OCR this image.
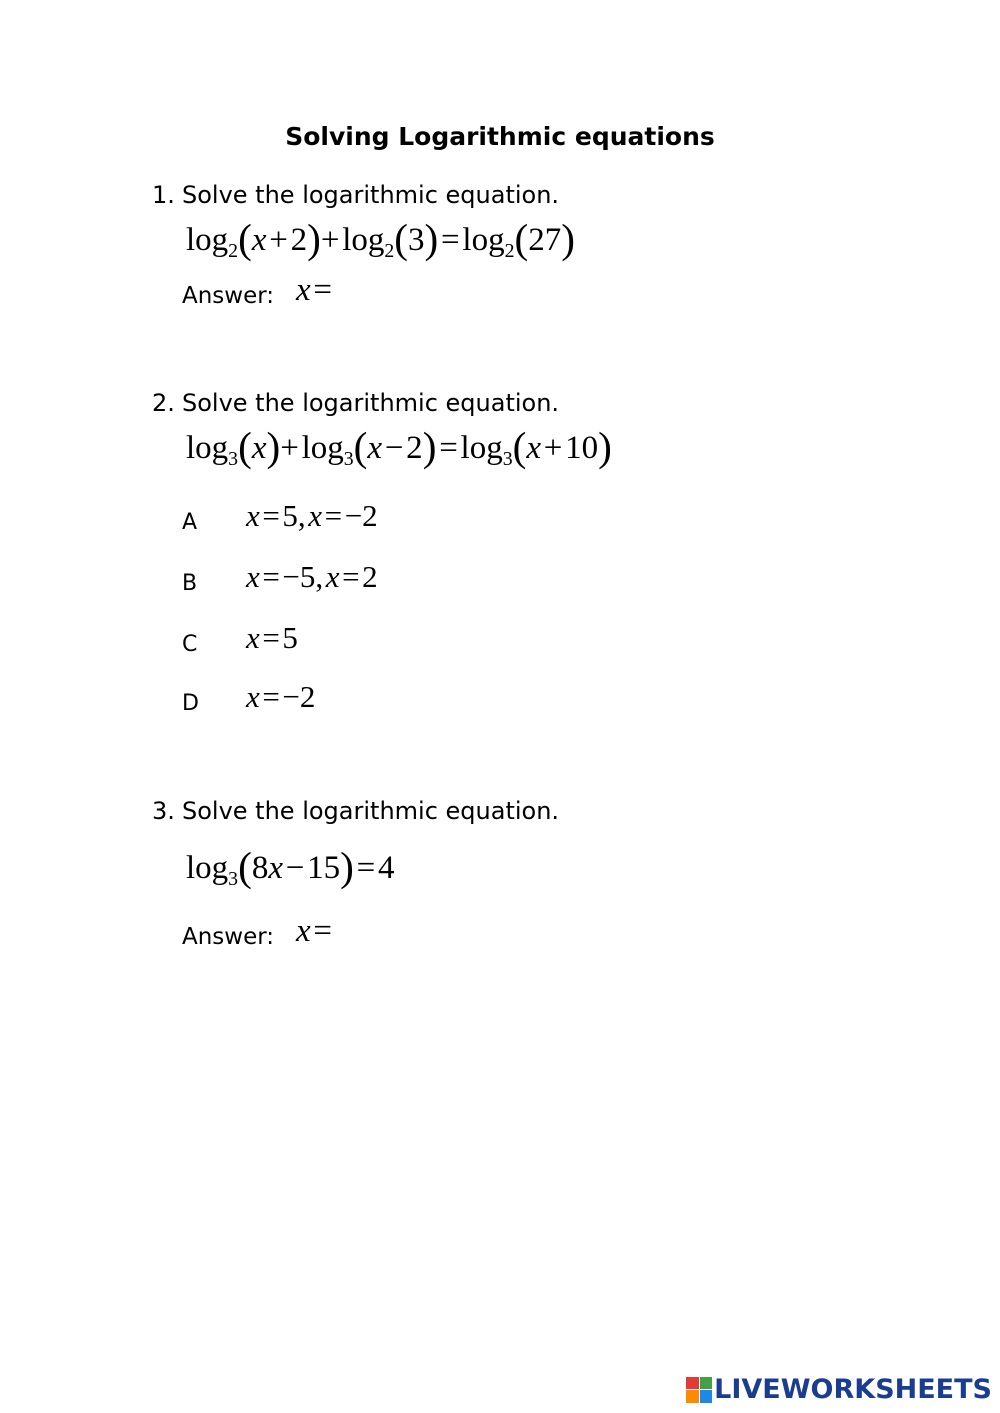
Solving Logarithmic equations
1. Solve the logarithmic equation.
$\log_2(x$ + 2)+ $\log_2(3)$ = $\log_2(27)$
Answer: x =
2. Solve the logarithmic equation.
$\log_3(x)+$ $\log_3(x$ − 2) = $\log_3(x$ + 10)
A x = 5, x = −2
B x = −5, x = 2
C x = 5
D x = −2
3. Solve the logarithmic equation.
$\log_3(8x$ − 15) = 4
Answer: x =
LIVEWORKSHEETS
